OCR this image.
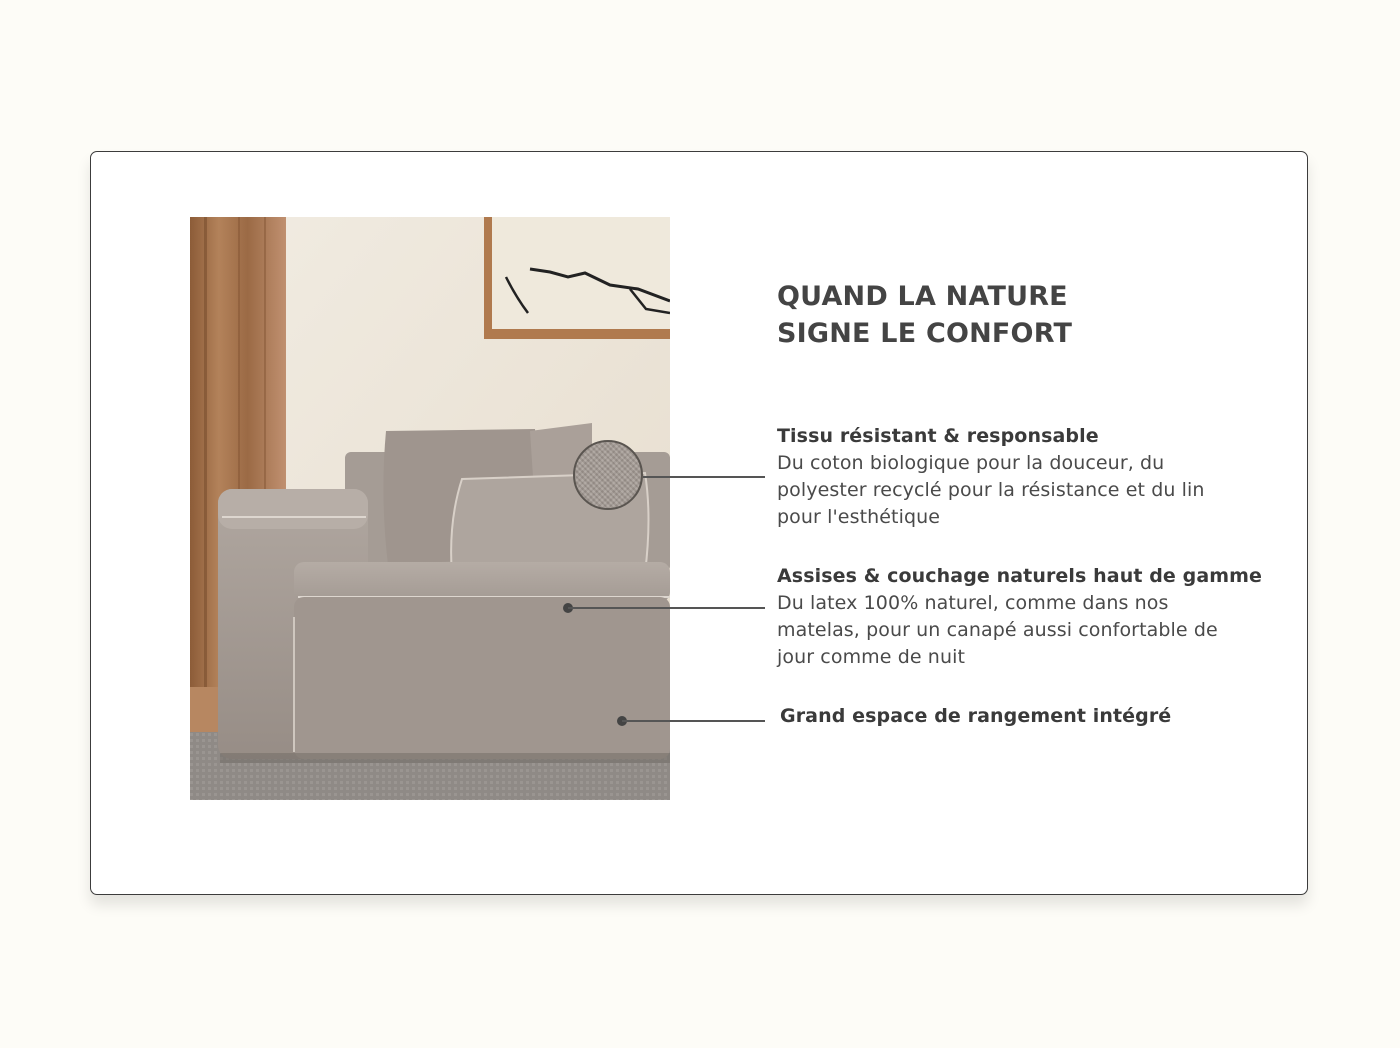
QUAND LA NATURE
SIGNE LE CONFORT
Tissu résistant & responsable
Du coton biologique pour la douceur, du
polyester recyclé pour la résistance et du lin
pour l'esthétique
Assises & couchage naturels haut de gamme
Du latex 100% naturel, comme dans nos
matelas, pour un canapé aussi confortable de
jour comme de nuit
Grand espace de rangement intégré
